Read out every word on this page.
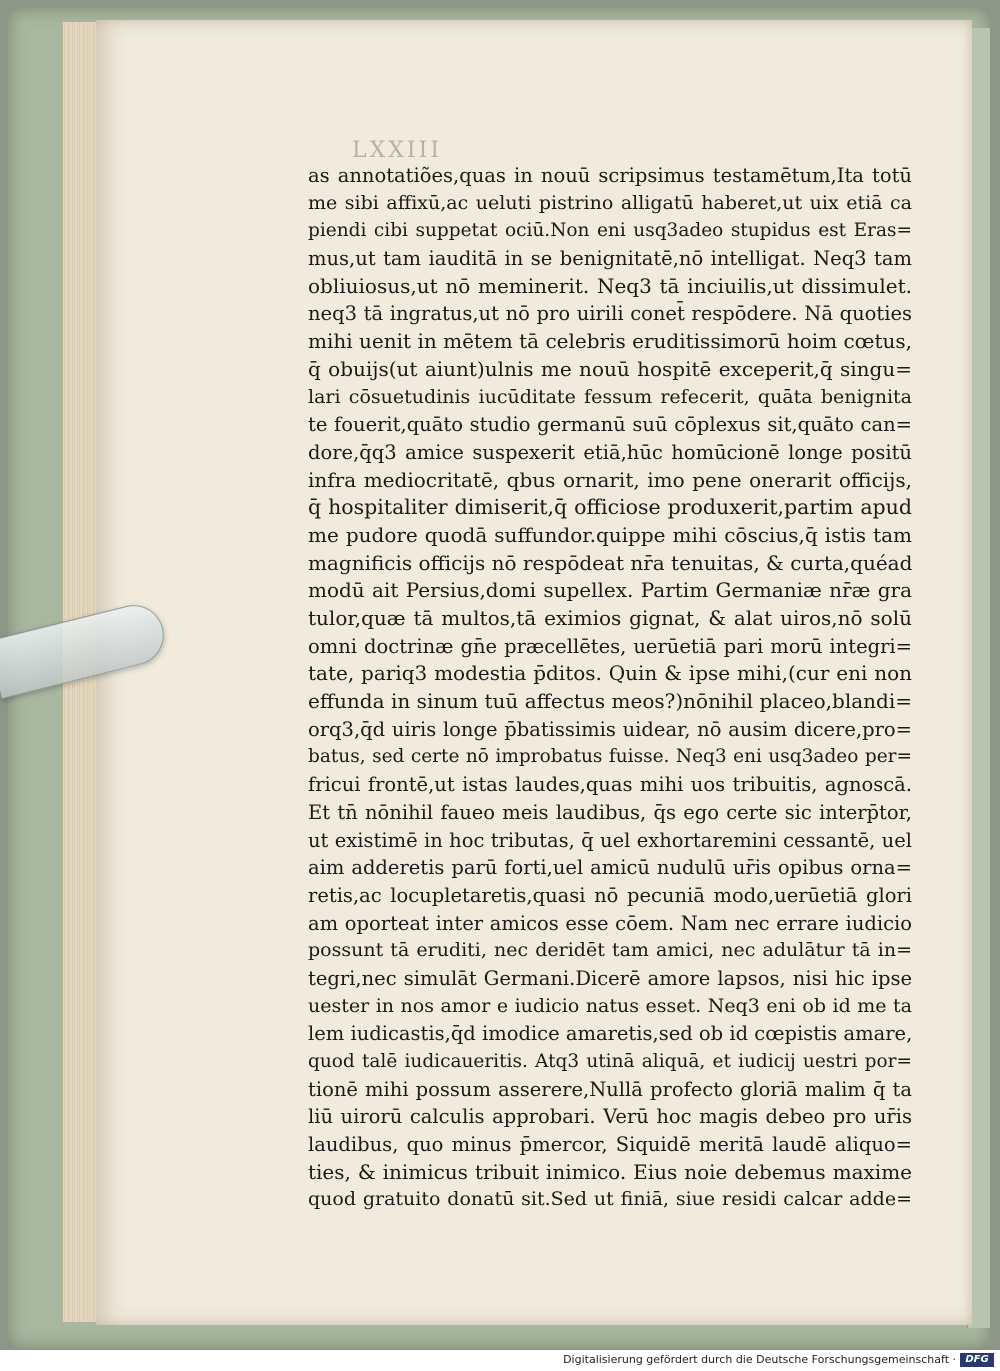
LXXIII
as annotatiões,quas in nouū scripsimus testamētum,Ita totū
me sibi affixū,ac ueluti pistrino alligatū haberet,ut uix etiā ca
piendi cibi suppetat ociū.Non eni usq3adeo stupidus est Eras=
mus,ut tam iauditā in se benignitatē,nō intelligat. Neq3 tam
obliuiosus,ut nō meminerit. Neq3 tā inciuilis,ut dissimulet.
neq3 tā ingratus,ut nō pro uirili conet̄ respōdere. Nā quoties
mihi uenit in mētem tā celebris eruditissimorū hoim cœtus,
q̄ obuijs(ut aiunt)ulnis me nouū hospitē exceperit,q̄ singu=
lari cōsuetudinis iucūditate fessum refecerit, quāta benignita
te fouerit,quāto studio germanū suū cōplexus sit,quāto can=
dore,q̄q3 amice suspexerit etiā,hūc homūcionē longe positū
infra mediocritatē, qbus ornarit, imo pene onerarit officijs,
q̄ hospitaliter dimiserit,q̄ officiose produxerit,partim apud
me pudore quodā suffundor.quippe mihi cōscius,q̄ istis tam
magnificis officijs nō respōdeat nr̄a tenuitas, & curta,quéad
modū ait Persius,domi supellex. Partim Germaniæ nr̄æ gra
tulor,quæ tā multos,tā eximios gignat, & alat uiros,nō solū
omni doctrinæ gn̄e præcellētes, uerūetiā pari morū integri=
tate, pariq3 modestia p̄ditos. Quin & ipse mihi,(cur eni non
effunda in sinum tuū affectus meos?)nōnihil placeo,blandi=
orq3,q̄d uiris longe p̄batissimis uidear, nō ausim dicere,pro=
batus, sed certe nō improbatus fuisse. Neq3 eni usq3adeo per=
fricui frontē,ut istas laudes,quas mihi uos tribuitis, agnoscā.
Et tn̄ nōnihil faueo meis laudibus, q̄s ego certe sic interp̄tor,
ut existimē in hoc tributas, q̄ uel exhortaremini cessantē, uel
aim adderetis parū forti,uel amicū nudulū ur̄is opibus orna=
retis,ac locupletaretis,quasi nō pecuniā modo,uerūetiā glori
am oporteat inter amicos esse cōem. Nam nec errare iudicio
possunt tā eruditi, nec deridēt tam amici, nec adulātur tā in=
tegri,nec simulāt Germani.Dicerē amore lapsos, nisi hic ipse
uester in nos amor e iudicio natus esset. Neq3 eni ob id me ta
lem iudicastis,q̄d imodice amaretis,sed ob id cœpistis amare,
quod talē iudicaueritis. Atq3 utinā aliquā, et iudicij uestri por=
tionē mihi possum asserere,Nullā profecto gloriā malim q̄ ta
liū uirorū calculis approbari. Verū hoc magis debeo pro ur̄is
laudibus, quo minus p̄mercor, Siquidē meritā laudē aliquo=
ties, & inimicus tribuit inimico. Eius noie debemus maxime
quod gratuito donatū sit.Sed ut finiā, siue residi calcar adde=
Digitalisierung gefördert durch die Deutsche Forschungsgemeinschaft · DFG
